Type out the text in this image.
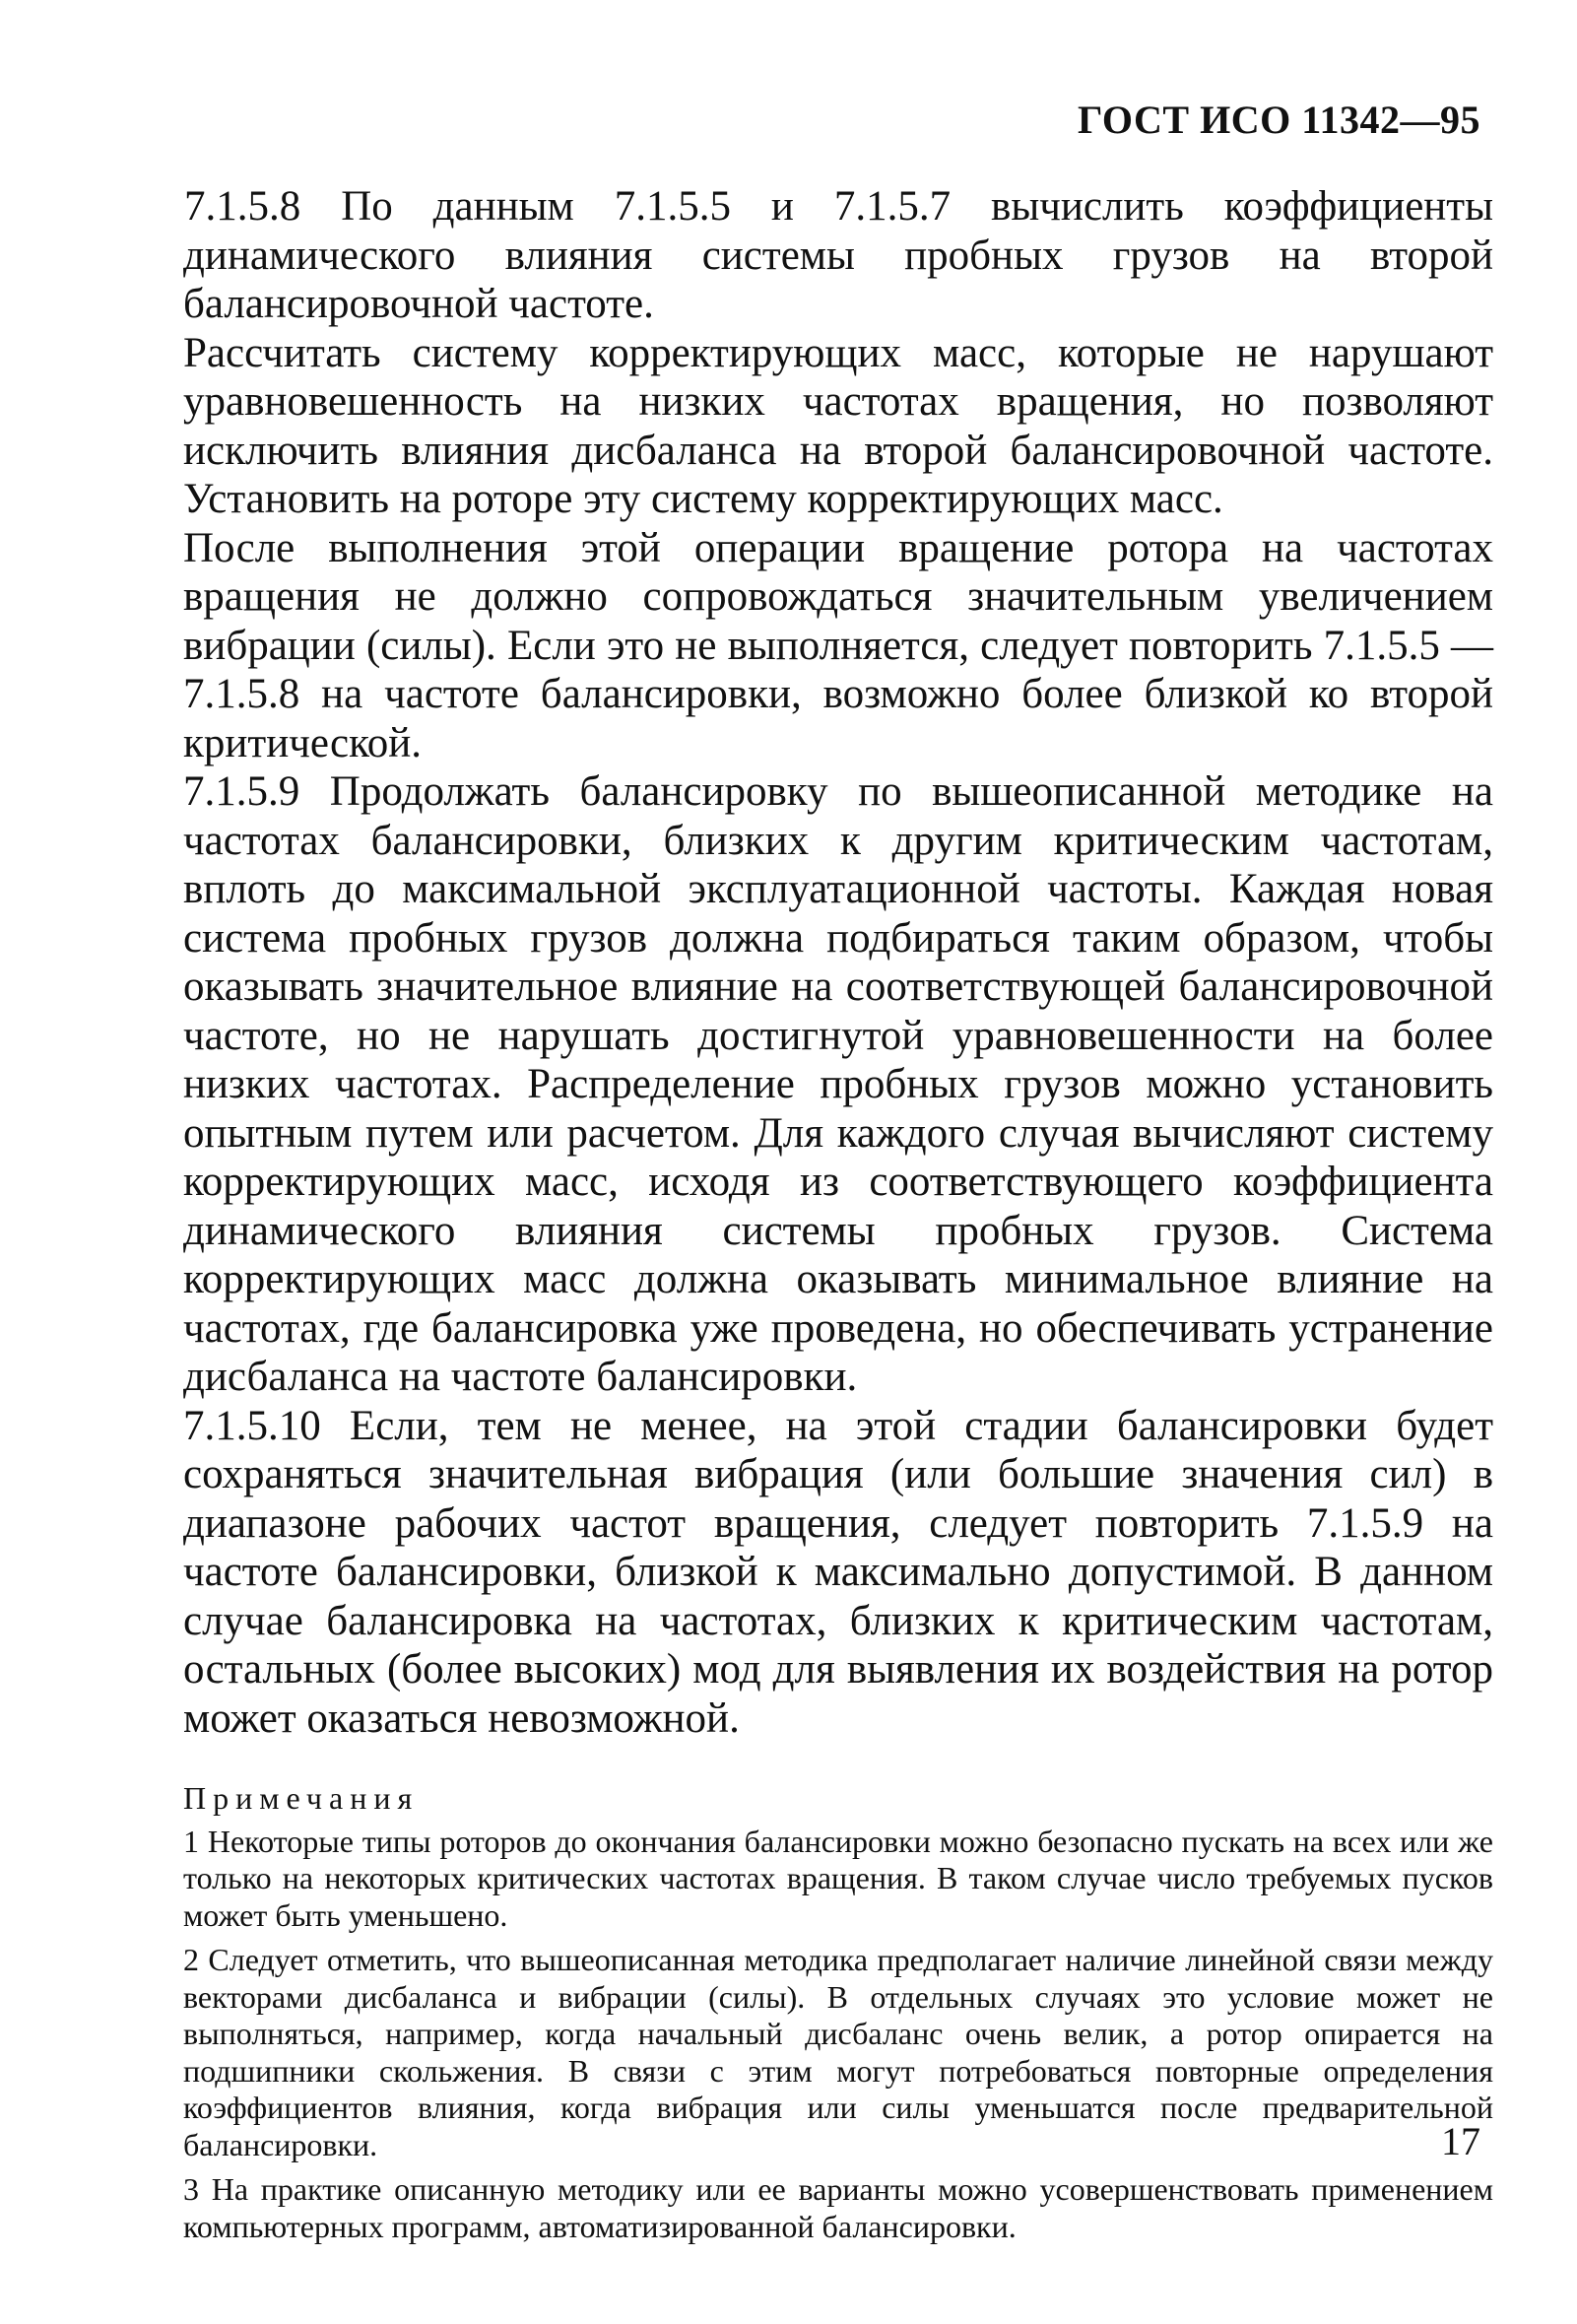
ГОСТ ИСО 11342—95

7.1.5.8 По данным 7.1.5.5 и 7.1.5.7 вычислить коэффициенты динамического влияния системы пробных грузов на второй балансировочной частоте.

Рассчитать систему корректирующих масс, которые не нарушают уравновешенность на низких частотах вращения, но позволяют исключить влияния дисбаланса на второй балансировочной частоте. Установить на роторе эту систему корректирующих масс.

После выполнения этой операции вращение ротора на частотах вращения не должно сопровождаться значительным увеличением вибрации (силы). Если это не выполняется, следует повторить 7.1.5.5 — 7.1.5.8 на частоте балансировки, возможно более близкой ко второй критической.

7.1.5.9 Продолжать балансировку по вышеописанной методике на частотах балансировки, близких к другим критическим частотам, вплоть до максимальной эксплуатационной частоты. Каждая новая система пробных грузов должна подбираться таким образом, чтобы оказывать значительное влияние на соответствующей балансировочной частоте, но не нарушать достигнутой уравновешенности на более низких частотах. Распределение пробных грузов можно установить опытным путем или расчетом. Для каждого случая вычисляют систему корректирующих масс, исходя из соответствующего коэффициента динамического влияния системы пробных грузов. Система корректирующих масс должна оказывать минимальное влияние на частотах, где балансировка уже проведена, но обеспечивать устранение дисбаланса на частоте балансировки.

7.1.5.10 Если, тем не менее, на этой стадии балансировки будет сохраняться значительная вибрация (или большие значения сил) в диапазоне рабочих частот вращения, следует повторить 7.1.5.9 на частоте балансировки, близкой к максимально допустимой. В данном случае балансировка на частотах, близких к критическим частотам, остальных (более высоких) мод для выявления их воздействия на ротор может оказаться невозможной.

Примечания

1 Некоторые типы роторов до окончания балансировки можно безопасно пускать на всех или же только на некоторых критических частотах вращения. В таком случае число требуемых пусков может быть уменьшено.

2 Следует отметить, что вышеописанная методика предполагает наличие линейной связи между векторами дисбаланса и вибрации (силы). В отдельных случаях это условие может не выполняться, например, когда начальный дисбаланс очень велик, а ротор опирается на подшипники скольжения. В связи с этим могут потребоваться повторные определения коэффициентов влияния, когда вибрация или силы уменьшатся после предварительной балансировки.

3 На практике описанную методику или ее варианты можно усовершенствовать применением компьютерных программ, автоматизированной балансировки.

17
